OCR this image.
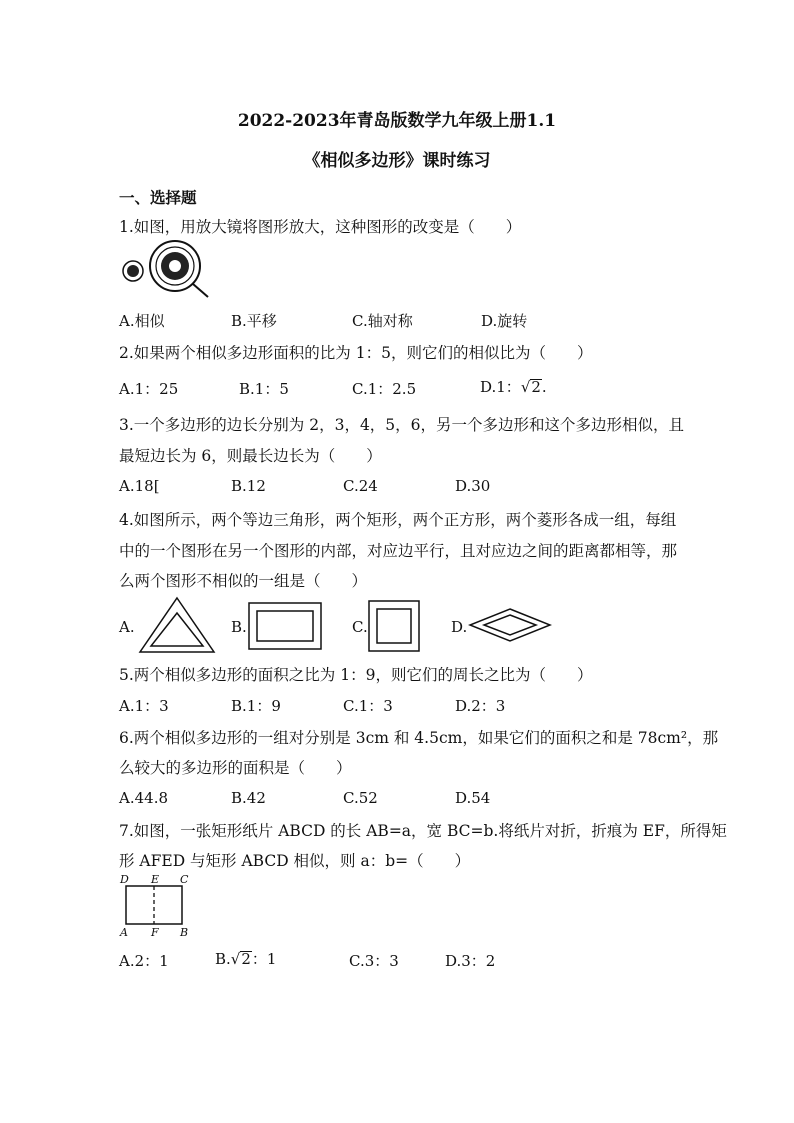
2022-2023年青岛版数学九年级上册1.1
《相似多边形》课时练习
一、选择题
1.如图，用放大镜将图形放大，这种图形的改变是（　　）
A.相似	B.平移	C.轴对称	D.旋转
2.如果两个相似多边形面积的比为 1：5，则它们的相似比为（　　）
A.1：25	B.1：5	C.1：2.5	D.1：√2.
3.一个多边形的边长分别为 2，3，4，5，6，另一个多边形和这个多边形相似，且
最短边长为 6，则最长边长为（　　）
A.18[	B.12	C.24	D.30
4.如图所示，两个等边三角形，两个矩形，两个正方形，两个菱形各成一组，每组
中的一个图形在另一个图形的内部，对应边平行，且对应边之间的距离都相等，那
么两个图形不相似的一组是（　　）
A.	B.	C.	D.
5.两个相似多边形的面积之比为 1：9，则它们的周长之比为（　　）
A.1：3	B.1：9	C.1：3	D.2：3
6.两个相似多边形的一组对分别是 3cm 和 4.5cm，如果它们的面积之和是 78cm²，那
么较大的多边形的面积是（　　）
A.44.8	B.42	C.52	D.54
7.如图，一张矩形纸片 ABCD 的长 AB=a，宽 BC=b.将纸片对折，折痕为 EF，所得矩
形 AFED 与矩形 ABCD 相似，则 a：b=（　　）
D E C
A F B
A.2：1	B.√2：1	C.3：3	D.3：2
